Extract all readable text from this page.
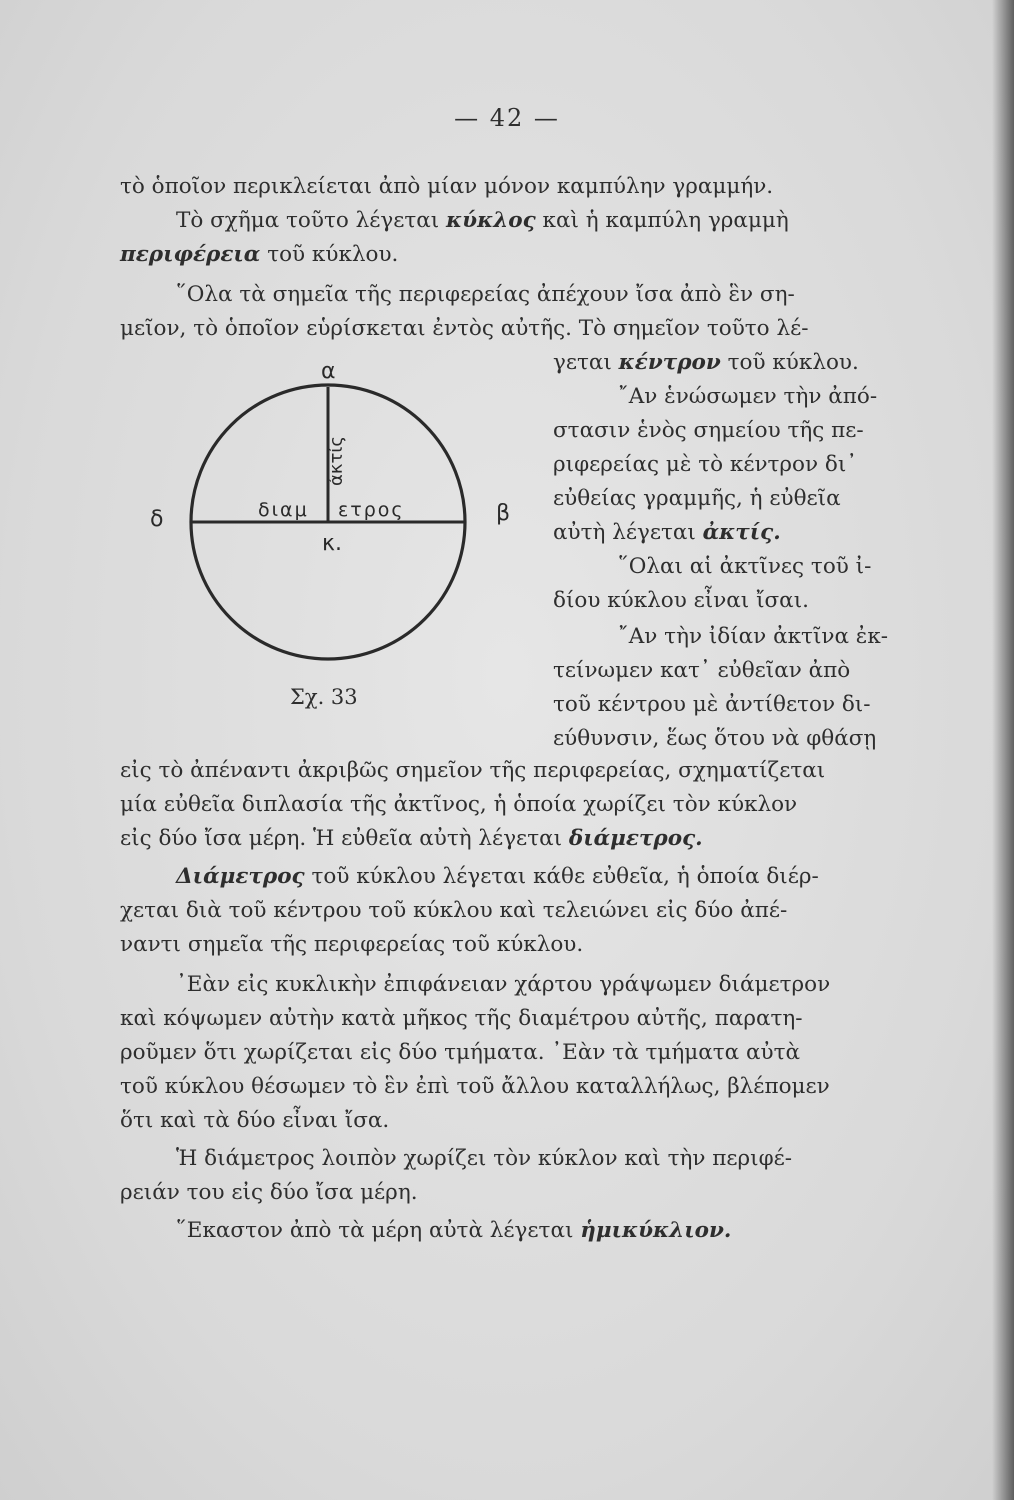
— 42 —
τὸ ὁποῖον περικλείεται ἀπὸ μίαν μόνον καμπύλην γραμμήν.
Τὸ σχῆμα τοῦτο λέγεται κύκλος καὶ ἡ καμπύλη γραμμὴ
περιφέρεια τοῦ κύκλου.
῞Ολα τὰ σημεῖα τῆς περιφερείας ἀπέχουν ἴσα ἀπὸ ἓν ση-
μεῖον, τὸ ὁποῖον εὑρίσκεται ἐντὸς αὐτῆς. Τὸ σημεῖον τοῦτο λέ-
γεται κέντρον τοῦ κύκλου.
῎Αν ἑνώσωμεν τὴν ἀπό-
στασιν ἑνὸς σημείου τῆς πε-
ριφερείας μὲ τὸ κέντρον δι᾿
εὐθείας γραμμῆς, ἡ εὐθεῖα
αὐτὴ λέγεται ἀκτίς.
῞Ολαι αἱ ἀκτῖνες τοῦ ἰ-
δίου κύκλου εἶναι ἴσαι.
῎Αν τὴν ἰδίαν ἀκτῖνα ἐκ-
τείνωμεν κατ᾿ εὐθεῖαν ἀπὸ
τοῦ κέντρου μὲ ἀντίθετον δι-
εύθυνσιν, ἕως ὅτου νὰ φθάσῃ
εἰς τὸ ἀπέναντι ἀκριβῶς σημεῖον τῆς περιφερείας, σχηματίζεται
μία εὐθεῖα διπλασία τῆς ἀκτῖνος, ἡ ὁποία χωρίζει τὸν κύκλον
εἰς δύο ἴσα μέρη. Ἡ εὐθεῖα αὐτὴ λέγεται διάμετρος.
Διάμετρος τοῦ κύκλου λέγεται κάθε εὐθεῖα, ἡ ὁποία διέρ-
χεται διὰ τοῦ κέντρου τοῦ κύκλου καὶ τελειώνει εἰς δύο ἀπέ-
ναντι σημεῖα τῆς περιφερείας τοῦ κύκλου.
᾿Εὰν εἰς κυκλικὴν ἐπιφάνειαν χάρτου γράψωμεν διάμετρον
καὶ κόψωμεν αὐτὴν κατὰ μῆκος τῆς διαμέτρου αὐτῆς, παρατη-
ροῦμεν ὅτι χωρίζεται εἰς δύο τμήματα. ᾿Εὰν τὰ τμήματα αὐτὰ
τοῦ κύκλου θέσωμεν τὸ ἓν ἐπὶ τοῦ ἄλλου καταλλήλως, βλέπομεν
ὅτι καὶ τὰ δύο εἶναι ἴσα.
Ἡ διάμετρος λοιπὸν χωρίζει τὸν κύκλον καὶ τὴν περιφέ-
ρειάν του εἰς δύο ἴσα μέρη.
῞Εκαστον ἀπὸ τὰ μέρη αὐτὰ λέγεται ἡμικύκλιον.
α
δ	β
κ.
διαμ ετρος
ἀκτίς
Σχ. 33
